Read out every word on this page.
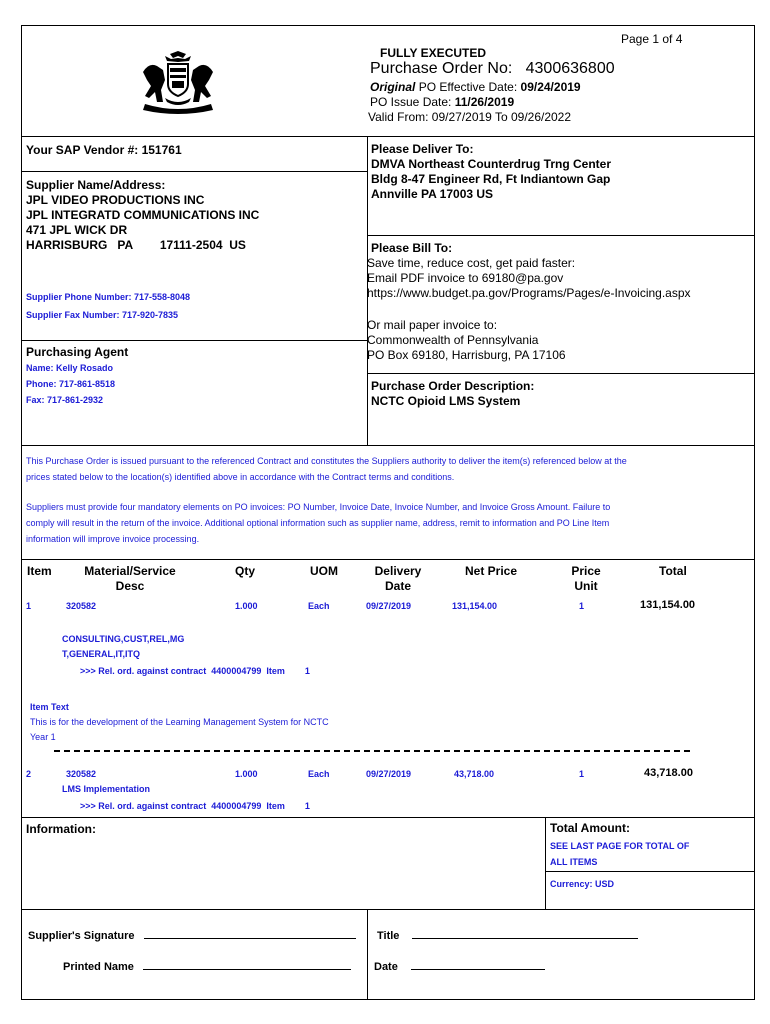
Page 1 of 4
FULLY EXECUTED
Purchase Order No: 4300636800
Original PO Effective Date: 09/24/2019
PO Issue Date: 11/26/2019
Valid From: 09/27/2019 To 09/26/2022
Your SAP Vendor #: 151761
Supplier Name/Address:
JPL VIDEO PRODUCTIONS INC
JPL INTEGRATD COMMUNICATIONS INC
471 JPL WICK DR
HARRISBURG PA 17111-2504 US
Supplier Phone Number: 717-558-8048
Supplier Fax Number: 717-920-7835
Purchasing Agent
Name: Kelly Rosado
Phone: 717-861-8518
Fax: 717-861-2932
Please Deliver To:
DMVA Northeast Counterdrug Trng Center
Bldg 8-47 Engineer Rd, Ft Indiantown Gap
Annville PA 17003 US
Please Bill To:
Save time, reduce cost, get paid faster:
Email PDF invoice to 69180@pa.gov
https://www.budget.pa.gov/Programs/Pages/e-Invoicing.aspx
Or mail paper invoice to:
Commonwealth of Pennsylvania
PO Box 69180, Harrisburg, PA 17106
Purchase Order Description:
NCTC Opioid LMS System
This Purchase Order is issued pursuant to the referenced Contract and constitutes the Suppliers authority to deliver the item(s) referenced below at the
prices stated below to the location(s) identified above in accordance with the Contract terms and conditions.
Suppliers must provide four mandatory elements on PO invoices: PO Number, Invoice Date, Invoice Number, and Invoice Gross Amount. Failure to
comply will result in the return of the invoice. Additional optional information such as supplier name, address, remit to information and PO Line Item
information will improve invoice processing.
Item	Material/Service
Desc
Qty	UOM	Delivery
Date
Net Price	Price
Unit
Total
1	320582	1.000	Each	09/27/2019	131,154.00	1	131,154.00
CONSULTING,CUST,REL,MG
T,GENERAL,IT,ITQ
>>> Rel. ord. against contract  4400004799  Item        1
Item Text
This is for the development of the Learning Management System for NCTC
Year 1
2	320582	1.000	Each	09/27/2019	43,718.00	1	43,718.00
LMS Implementation
>>> Rel. ord. against contract  4400004799  Item        1
Information:	Total Amount:
SEE LAST PAGE FOR TOTAL OF
ALL ITEMS
Currency: USD
Supplier's Signature
Printed Name
Title
Date
